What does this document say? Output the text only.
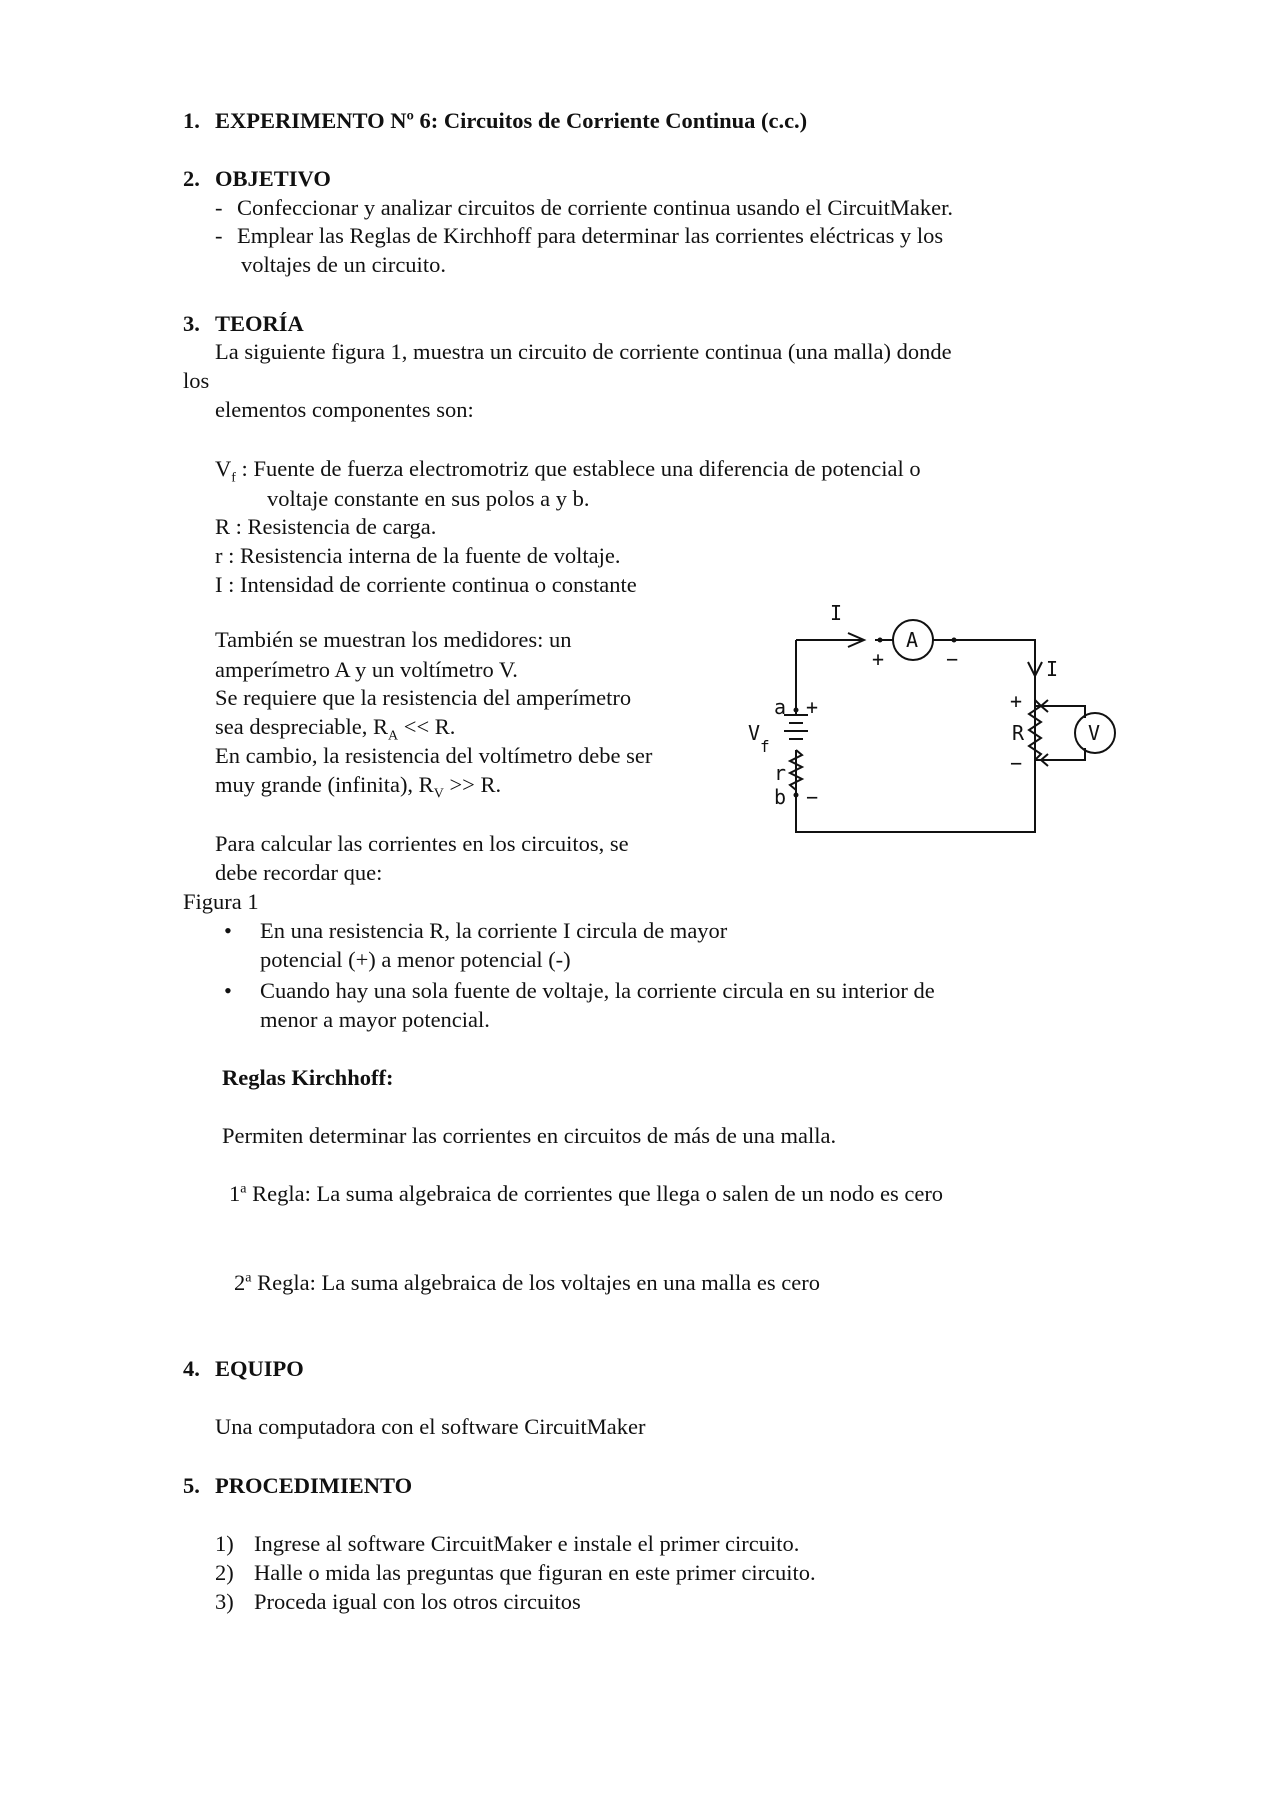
1. EXPERIMENTO Nº 6: Circuitos de Corriente Continua (c.c.)

2. OBJETIVO

- Confeccionar y analizar circuitos de corriente continua usando el CircuitMaker.

- Emplear las Reglas de Kirchhoff para determinar las corrientes eléctricas y los

voltajes de un circuito.

3. TEORÍA

La siguiente figura 1, muestra un circuito de corriente continua (una malla) donde

los

elementos componentes son:

$V_f$ : Fuente de fuerza electromotriz que establece una diferencia de potencial o

voltaje constante en sus polos a y b.

R : Resistencia de carga.

r : Resistencia interna de la fuente de voltaje.

I : Intensidad de corriente continua o constante

También se muestran los medidores: un

amperímetro A y un voltímetro V.

Se requiere que la resistencia del amperímetro

sea despreciable, $R_A << R$.

En cambio, la resistencia del voltímetro debe ser

muy grande (infinita), $R_V >> R$.

Para calcular las corrientes en los circuitos, se

debe recordar que:

Figura 1

• En una resistencia R, la corriente I circula de mayor

potencial (+) a menor potencial (-)

• Cuando hay una sola fuente de voltaje, la corriente circula en su interior de

menor a mayor potencial.

Reglas Kirchhoff:

Permiten determinar las corrientes en circuitos de más de una malla.

1$^a$ Regla: La suma algebraica de corrientes que llega o salen de un nodo es cero

2$^a$ Regla: La suma algebraica de los voltajes en una malla es cero

4. EQUIPO

Una computadora con el software CircuitMaker

5. PROCEDIMIENTO

1) Ingrese al software CircuitMaker e instale el primer circuito.

2) Halle o mida las preguntas que figuran en este primer circuito.

3) Proceda igual con los otros circuitos

I
I
A
V
+	−
+
−
R
a +
V
f
r
b −
